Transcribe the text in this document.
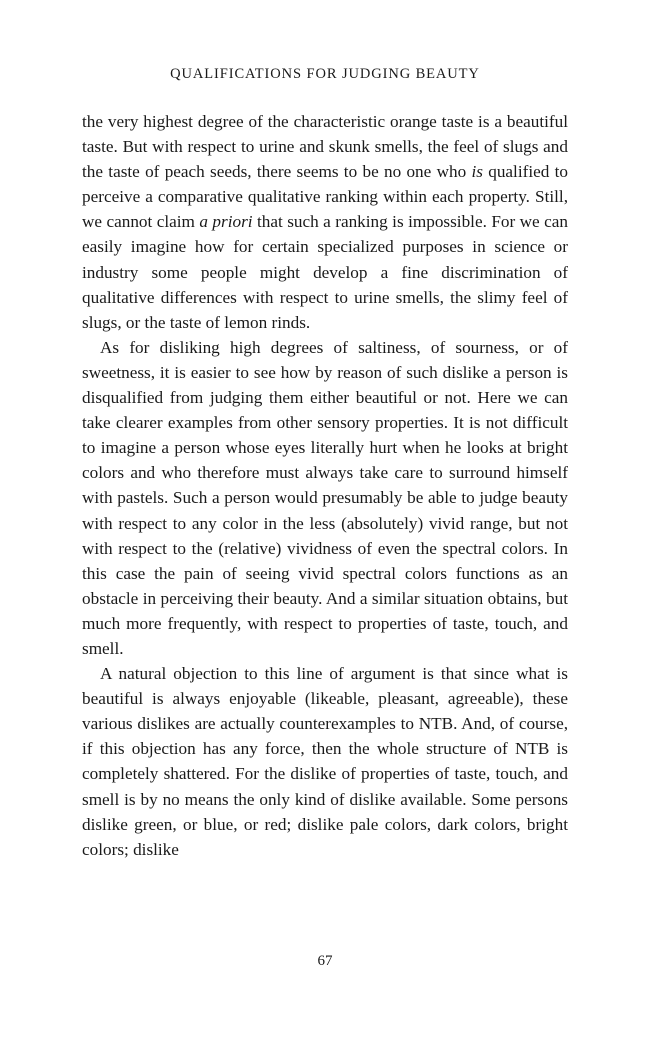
QUALIFICATIONS FOR JUDGING BEAUTY

the very highest degree of the characteristic orange taste is a beautiful taste. But with respect to urine and skunk smells, the feel of slugs and the taste of peach seeds, there seems to be no one who is qualified to perceive a comparative qualitative ranking within each property. Still, we cannot claim a priori that such a ranking is impossible. For we can easily imagine how for certain specialized purposes in science or industry some people might develop a fine discrimination of qualitative differences with respect to urine smells, the slimy feel of slugs, or the taste of lemon rinds.

As for disliking high degrees of saltiness, of sourness, or of sweetness, it is easier to see how by reason of such dislike a person is disqualified from judging them either beautiful or not. Here we can take clearer examples from other sensory properties. It is not difficult to imagine a person whose eyes literally hurt when he looks at bright colors and who therefore must always take care to surround himself with pastels. Such a person would presumably be able to judge beauty with respect to any color in the less (absolutely) vivid range, but not with respect to the (relative) vividness of even the spectral colors. In this case the pain of seeing vivid spectral colors functions as an obstacle in perceiving their beauty. And a similar situation obtains, but much more frequently, with respect to properties of taste, touch, and smell.

A natural objection to this line of argument is that since what is beautiful is always enjoyable (likeable, pleasant, agreeable), these various dislikes are actually counterexamples to NTB. And, of course, if this objection has any force, then the whole structure of NTB is completely shattered. For the dislike of properties of taste, touch, and smell is by no means the only kind of dislike available. Some persons dislike green, or blue, or red; dislike pale colors, dark colors, bright colors; dislike

67
